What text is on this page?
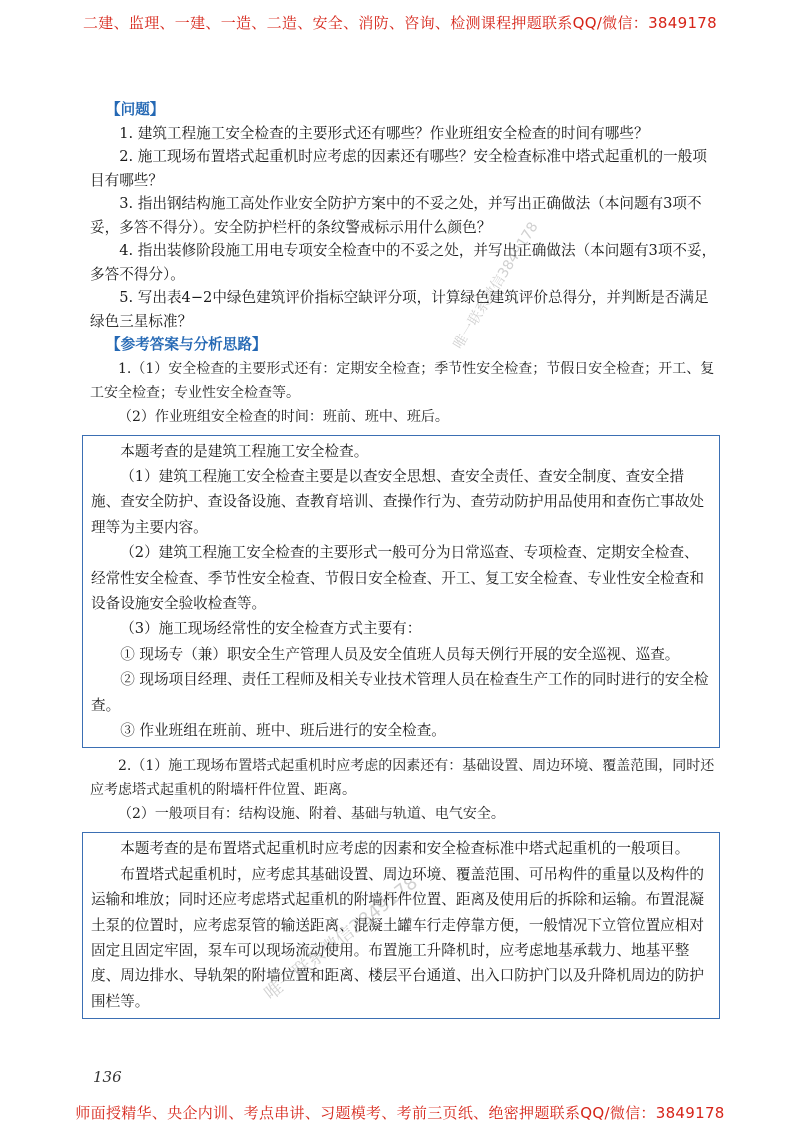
二建、监理、一建、一造、二造、安全、消防、咨询、检测课程押题联系QQ/微信：3849178
【问题】

1. 建筑工程施工安全检查的主要形式还有哪些？作业班组安全检查的时间有哪些？

2. 施工现场布置塔式起重机时应考虑的因素还有哪些？安全检查标准中塔式起重机的一般项目有哪些？

3. 指出钢结构施工高处作业安全防护方案中的不妥之处，并写出正确做法（本问题有3项不妥，多答不得分）。安全防护栏杆的条纹警戒标示用什么颜色？

4. 指出装修阶段施工用电专项安全检查中的不妥之处，并写出正确做法（本问题有3项不妥，多答不得分）。

5. 写出表4−2中绿色建筑评价指标空缺评分项，计算绿色建筑评价总得分，并判断是否满足绿色三星标准？

【参考答案与分析思路】

1.（1）安全检查的主要形式还有：定期安全检查；季节性安全检查；节假日安全检查；开工、复工安全检查；专业性安全检查等。

（2）作业班组安全检查的时间：班前、班中、班后。

本题考查的是建筑工程施工安全检查。

（1）建筑工程施工安全检查主要是以查安全思想、查安全责任、查安全制度、查安全措施、查安全防护、查设备设施、查教育培训、查操作行为、查劳动防护用品使用和查伤亡事故处理等为主要内容。

（2）建筑工程施工安全检查的主要形式一般可分为日常巡查、专项检查、定期安全检查、经常性安全检查、季节性安全检查、节假日安全检查、开工、复工安全检查、专业性安全检查和设备设施安全验收检查等。

（3）施工现场经常性的安全检查方式主要有：

① 现场专（兼）职安全生产管理人员及安全值班人员每天例行开展的安全巡视、巡查。

② 现场项目经理、责任工程师及相关专业技术管理人员在检查生产工作的同时进行的安全检查。

③ 作业班组在班前、班中、班后进行的安全检查。

2.（1）施工现场布置塔式起重机时应考虑的因素还有：基础设置、周边环境、覆盖范围，同时还应考虑塔式起重机的附墙杆件位置、距离。

（2）一般项目有：结构设施、附着、基础与轨道、电气安全。

本题考查的是布置塔式起重机时应考虑的因素和安全检查标准中塔式起重机的一般项目。

布置塔式起重机时，应考虑其基础设置、周边环境、覆盖范围、可吊构件的重量以及构件的运输和堆放；同时还应考虑塔式起重机的附墙杆件位置、距离及使用后的拆除和运输。布置混凝土泵的位置时，应考虑泵管的输送距离、混凝土罐车行走停靠方便，一般情况下立管位置应相对固定且固定牢固，泵车可以现场流动使用。布置施工升降机时，应考虑地基承载力、地基平整度、周边排水、导轨架的附墙位置和距离、楼层平台通道、出入口防护门以及升降机周边的防护围栏等。

136
唯一联系微信3849178
唯一联系微信3849178
师面授精华、央企内训、考点串讲、习题模考、考前三页纸、绝密押题联系QQ/微信：3849178
